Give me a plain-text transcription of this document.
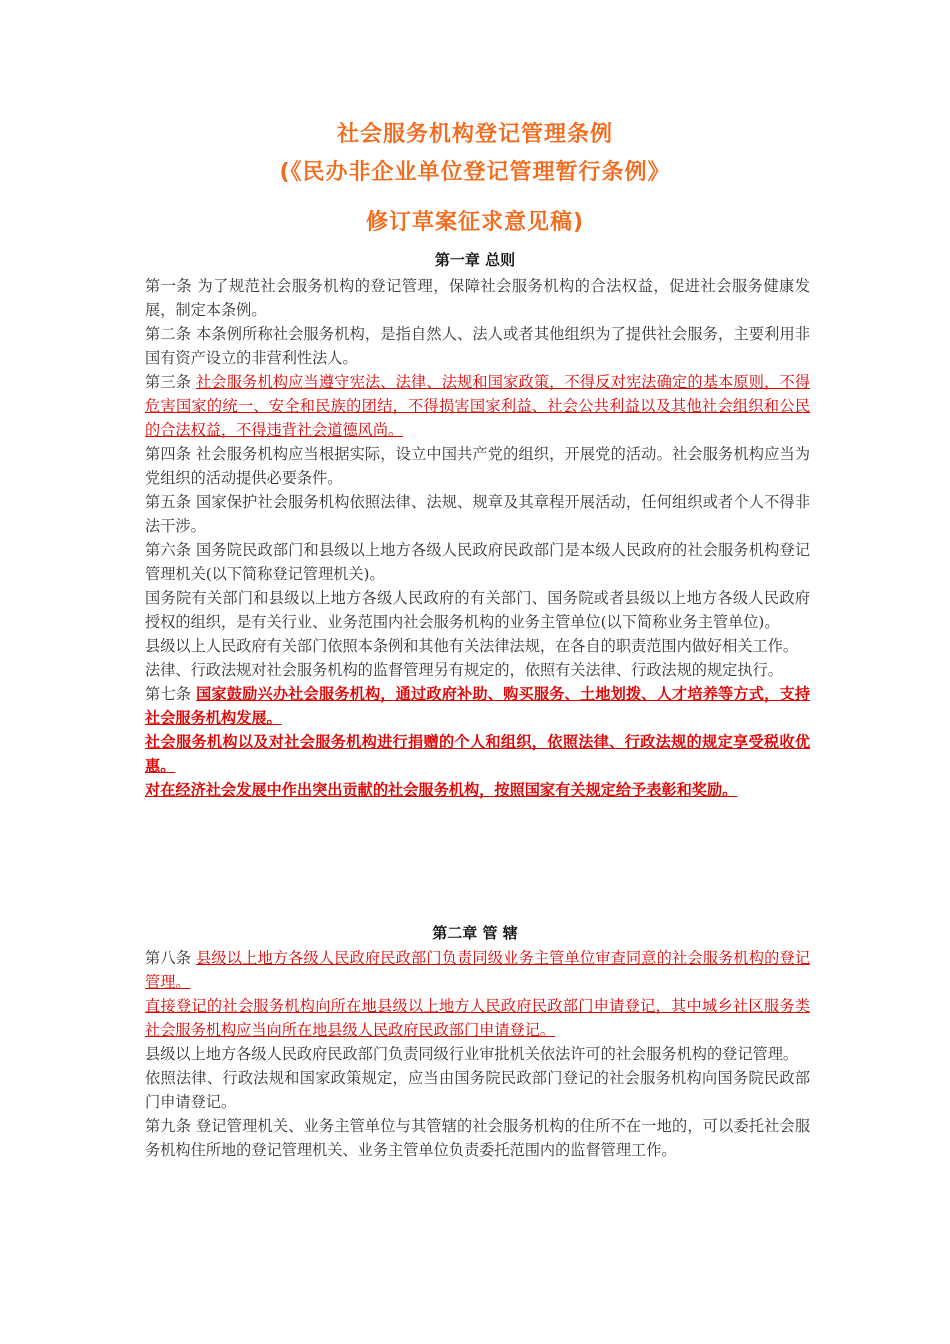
社会服务机构登记管理条例
(《民办非企业单位登记管理暂行条例》
修订草案征求意见稿)
第一章 总则

第一条 为了规范社会服务机构的登记管理，保障社会服务机构的合法权益，促进社会服务健康发展，制定本条例。

第二条 本条例所称社会服务机构，是指自然人、法人或者其他组织为了提供社会服务，主要利用非国有资产设立的非营利性法人。

第三条 社会服务机构应当遵守宪法、法律、法规和国家政策，不得反对宪法确定的基本原则，不得危害国家的统一、安全和民族的团结，不得损害国家利益、社会公共利益以及其他社会组织和公民的合法权益，不得违背社会道德风尚。

第四条 社会服务机构应当根据实际，设立中国共产党的组织，开展党的活动。社会服务机构应当为党组织的活动提供必要条件。

第五条 国家保护社会服务机构依照法律、法规、规章及其章程开展活动，任何组织或者个人不得非法干涉。

第六条 国务院民政部门和县级以上地方各级人民政府民政部门是本级人民政府的社会服务机构登记管理机关(以下简称登记管理机关)。

国务院有关部门和县级以上地方各级人民政府的有关部门、国务院或者县级以上地方各级人民政府授权的组织，是有关行业、业务范围内社会服务机构的业务主管单位(以下简称业务主管单位)。

县级以上人民政府有关部门依照本条例和其他有关法律法规，在各自的职责范围内做好相关工作。

法律、行政法规对社会服务机构的监督管理另有规定的，依照有关法律、行政法规的规定执行。

第七条 国家鼓励兴办社会服务机构，通过政府补助、购买服务、土地划拨、人才培养等方式，支持社会服务机构发展。

社会服务机构以及对社会服务机构进行捐赠的个人和组织，依照法律、行政法规的规定享受税收优惠。

对在经济社会发展中作出突出贡献的社会服务机构，按照国家有关规定给予表彰和奖励。

第二章 管 辖

第八条 县级以上地方各级人民政府民政部门负责同级业务主管单位审查同意的社会服务机构的登记管理。

直接登记的社会服务机构向所在地县级以上地方人民政府民政部门申请登记，其中城乡社区服务类社会服务机构应当向所在地县级人民政府民政部门申请登记。

县级以上地方各级人民政府民政部门负责同级行业审批机关依法许可的社会服务机构的登记管理。

依照法律、行政法规和国家政策规定，应当由国务院民政部门登记的社会服务机构向国务院民政部门申请登记。

第九条 登记管理机关、业务主管单位与其管辖的社会服务机构的住所不在一地的，可以委托社会服务机构住所地的登记管理机关、业务主管单位负责委托范围内的监督管理工作。
